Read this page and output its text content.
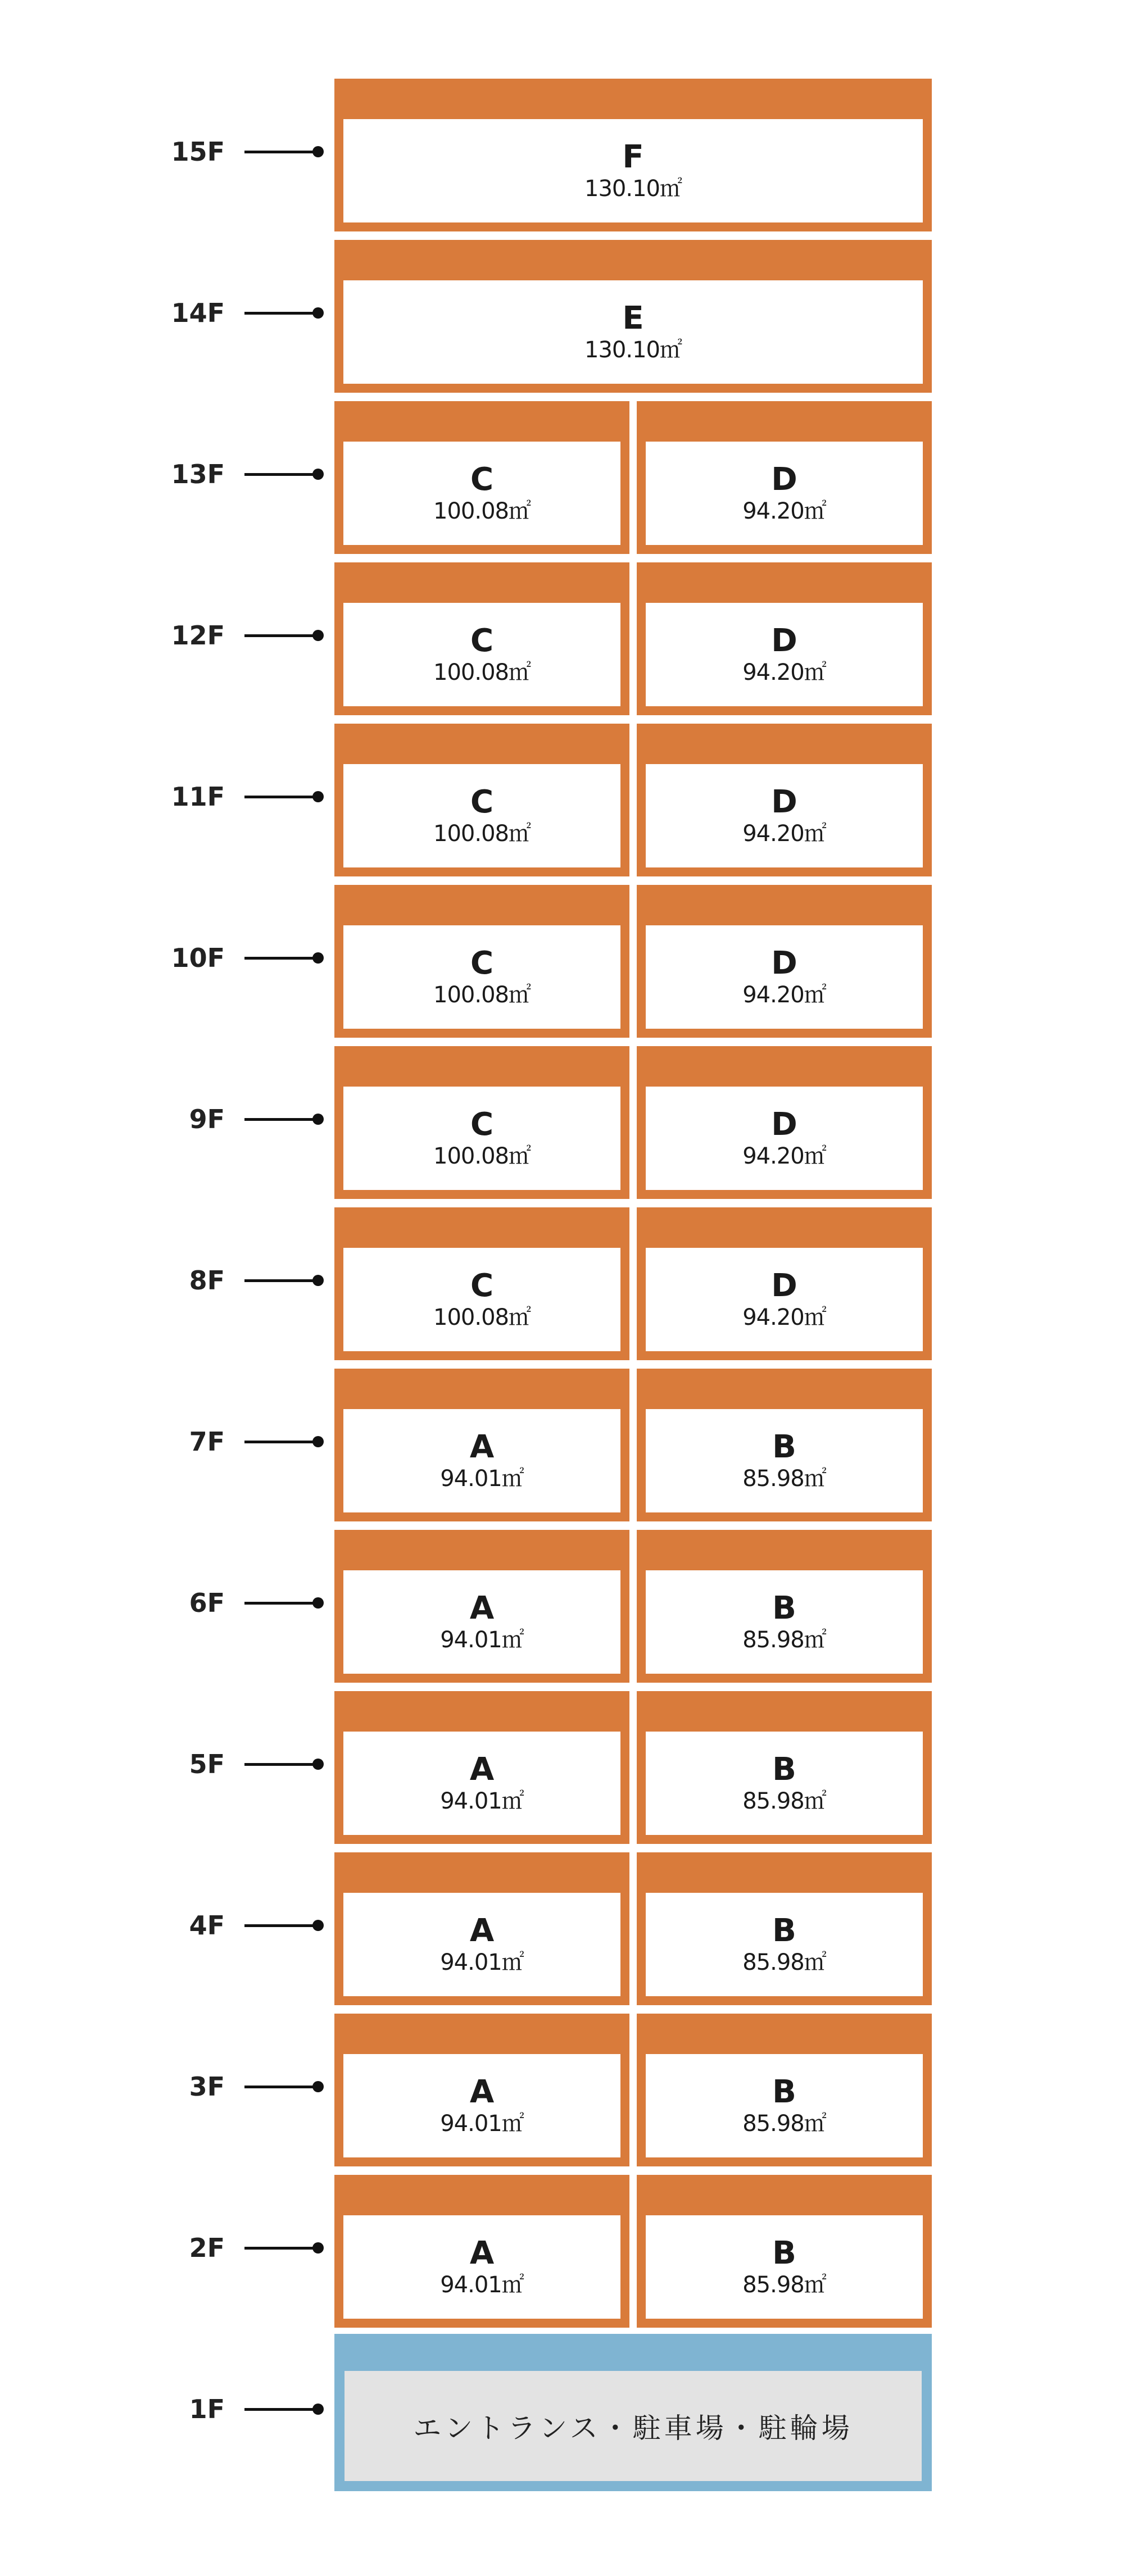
15F	F
130.10㎡
14F	E
130.10㎡
13F	C
100.08㎡
D
94.20㎡
12F	C
100.08㎡
D
94.20㎡
11F	C
100.08㎡
D
94.20㎡
10F	C
100.08㎡
D
94.20㎡
9F	C
100.08㎡
D
94.20㎡
8F	C
100.08㎡
D
94.20㎡
7F	A
94.01㎡
B
85.98㎡
6F	A
94.01㎡
B
85.98㎡
5F	A
94.01㎡
B
85.98㎡
4F	A
94.01㎡
B
85.98㎡
3F	A
94.01㎡
B
85.98㎡
2F	A
94.01㎡
B
85.98㎡
1F
エントランス・駐車場・駐輪場
